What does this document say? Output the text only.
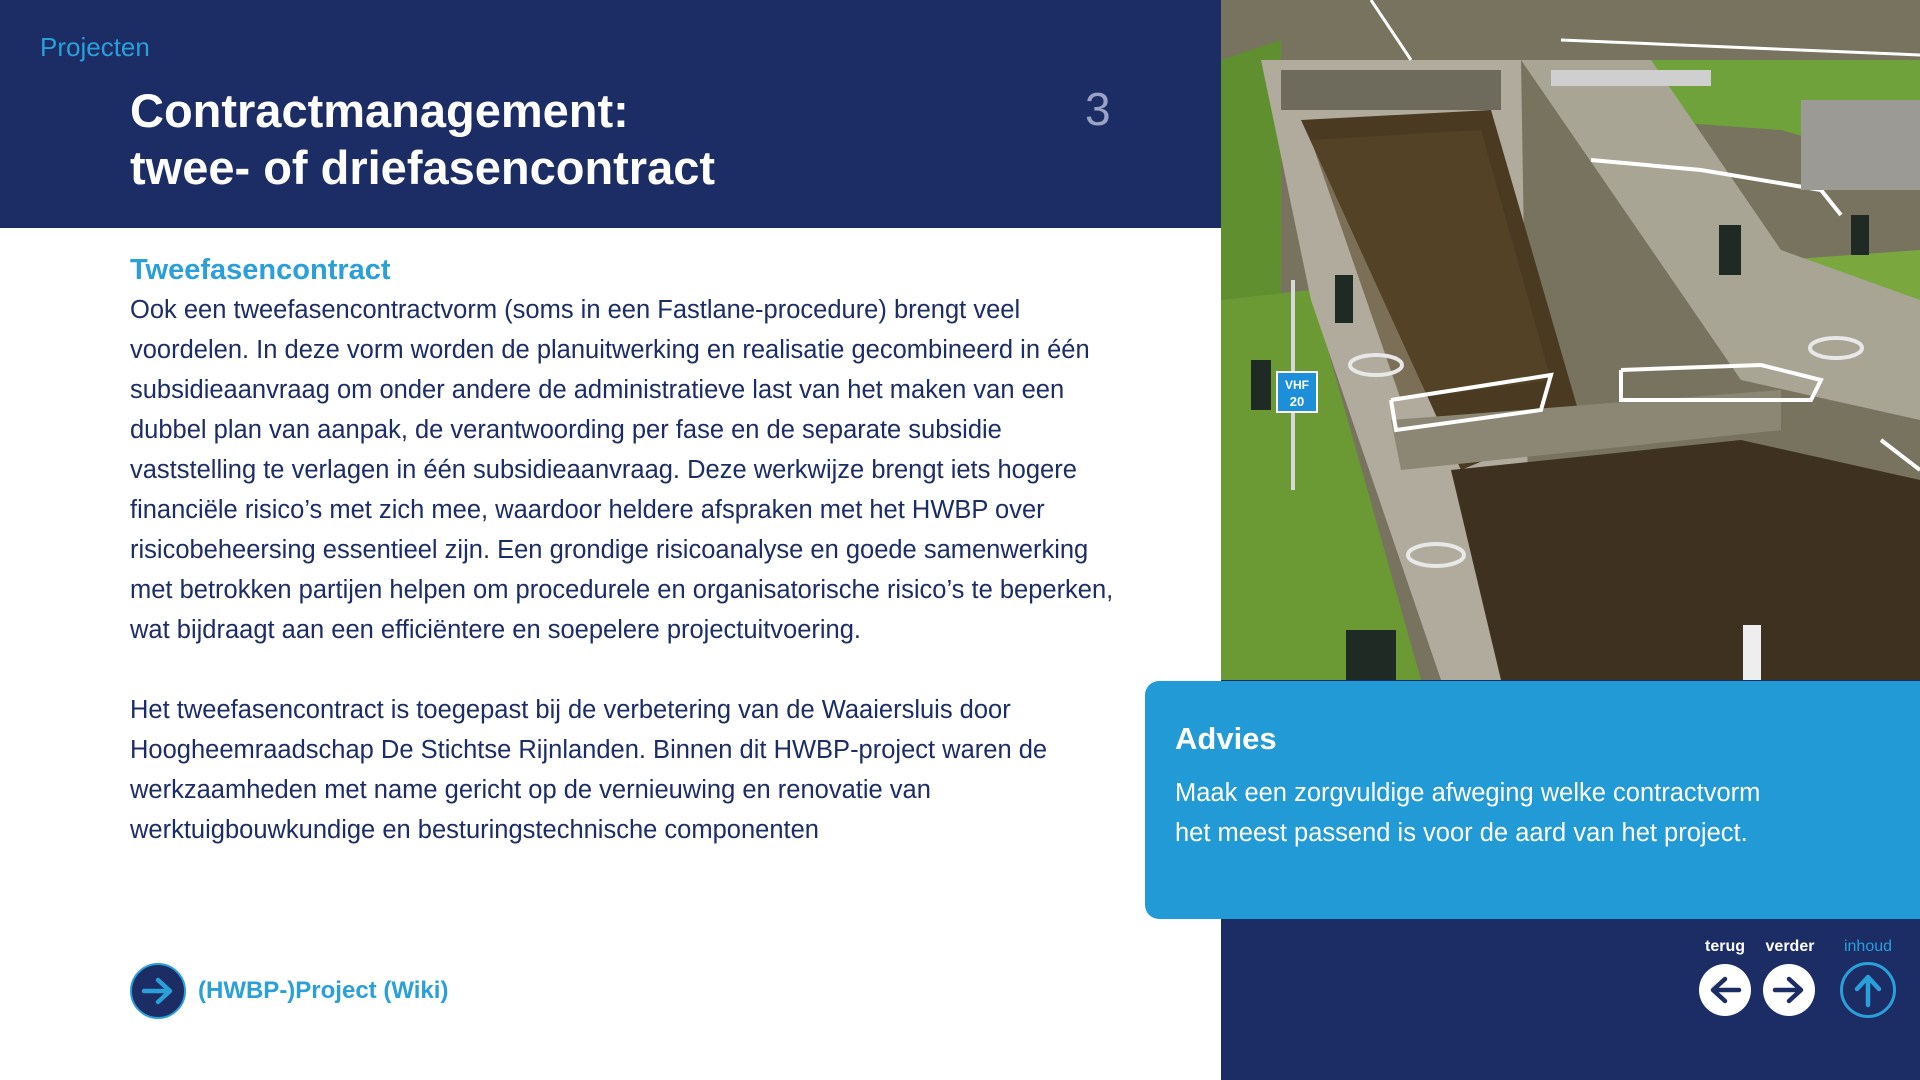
Projecten

Contractmanagement:
twee- of driefasencontract
3
Tweefasencontract

Ook een tweefasencontractvorm (soms in een Fastlane-procedure) brengt veel voordelen. In deze vorm worden de planuitwerking en realisatie gecombineerd in één subsidieaanvraag om onder andere de administratieve last van het maken van een dubbel plan van aanpak, de verantwoording per fase en de separate subsidie vaststelling te verlagen in één subsidieaanvraag. Deze werkwijze brengt iets hogere financiële risico’s met zich mee, waardoor heldere afspraken met het HWBP over risicobeheersing essentieel zijn. Een grondige risicoanalyse en goede samenwerking met betrokken partijen helpen om procedurele en organisatorische risico’s te beperken, wat bijdraagt aan een efficiëntere en soepelere projectuitvoering.

Het tweefasencontract is toegepast bij de verbetering van de Waaiersluis door Hoogheemraadschap De Stichtse Rijnlanden. Binnen dit HWBP-project waren de werkzaamheden met name gericht op de vernieuwing en renovatie van werktuigbouwkundige en besturingstechnische componenten

(HWBP-)Project (Wiki)
VHF
20
Advies

Maak een zorgvuldige afweging welke contractvorm het meest passend is voor de aard van het project.

terug	verder	inhoud
